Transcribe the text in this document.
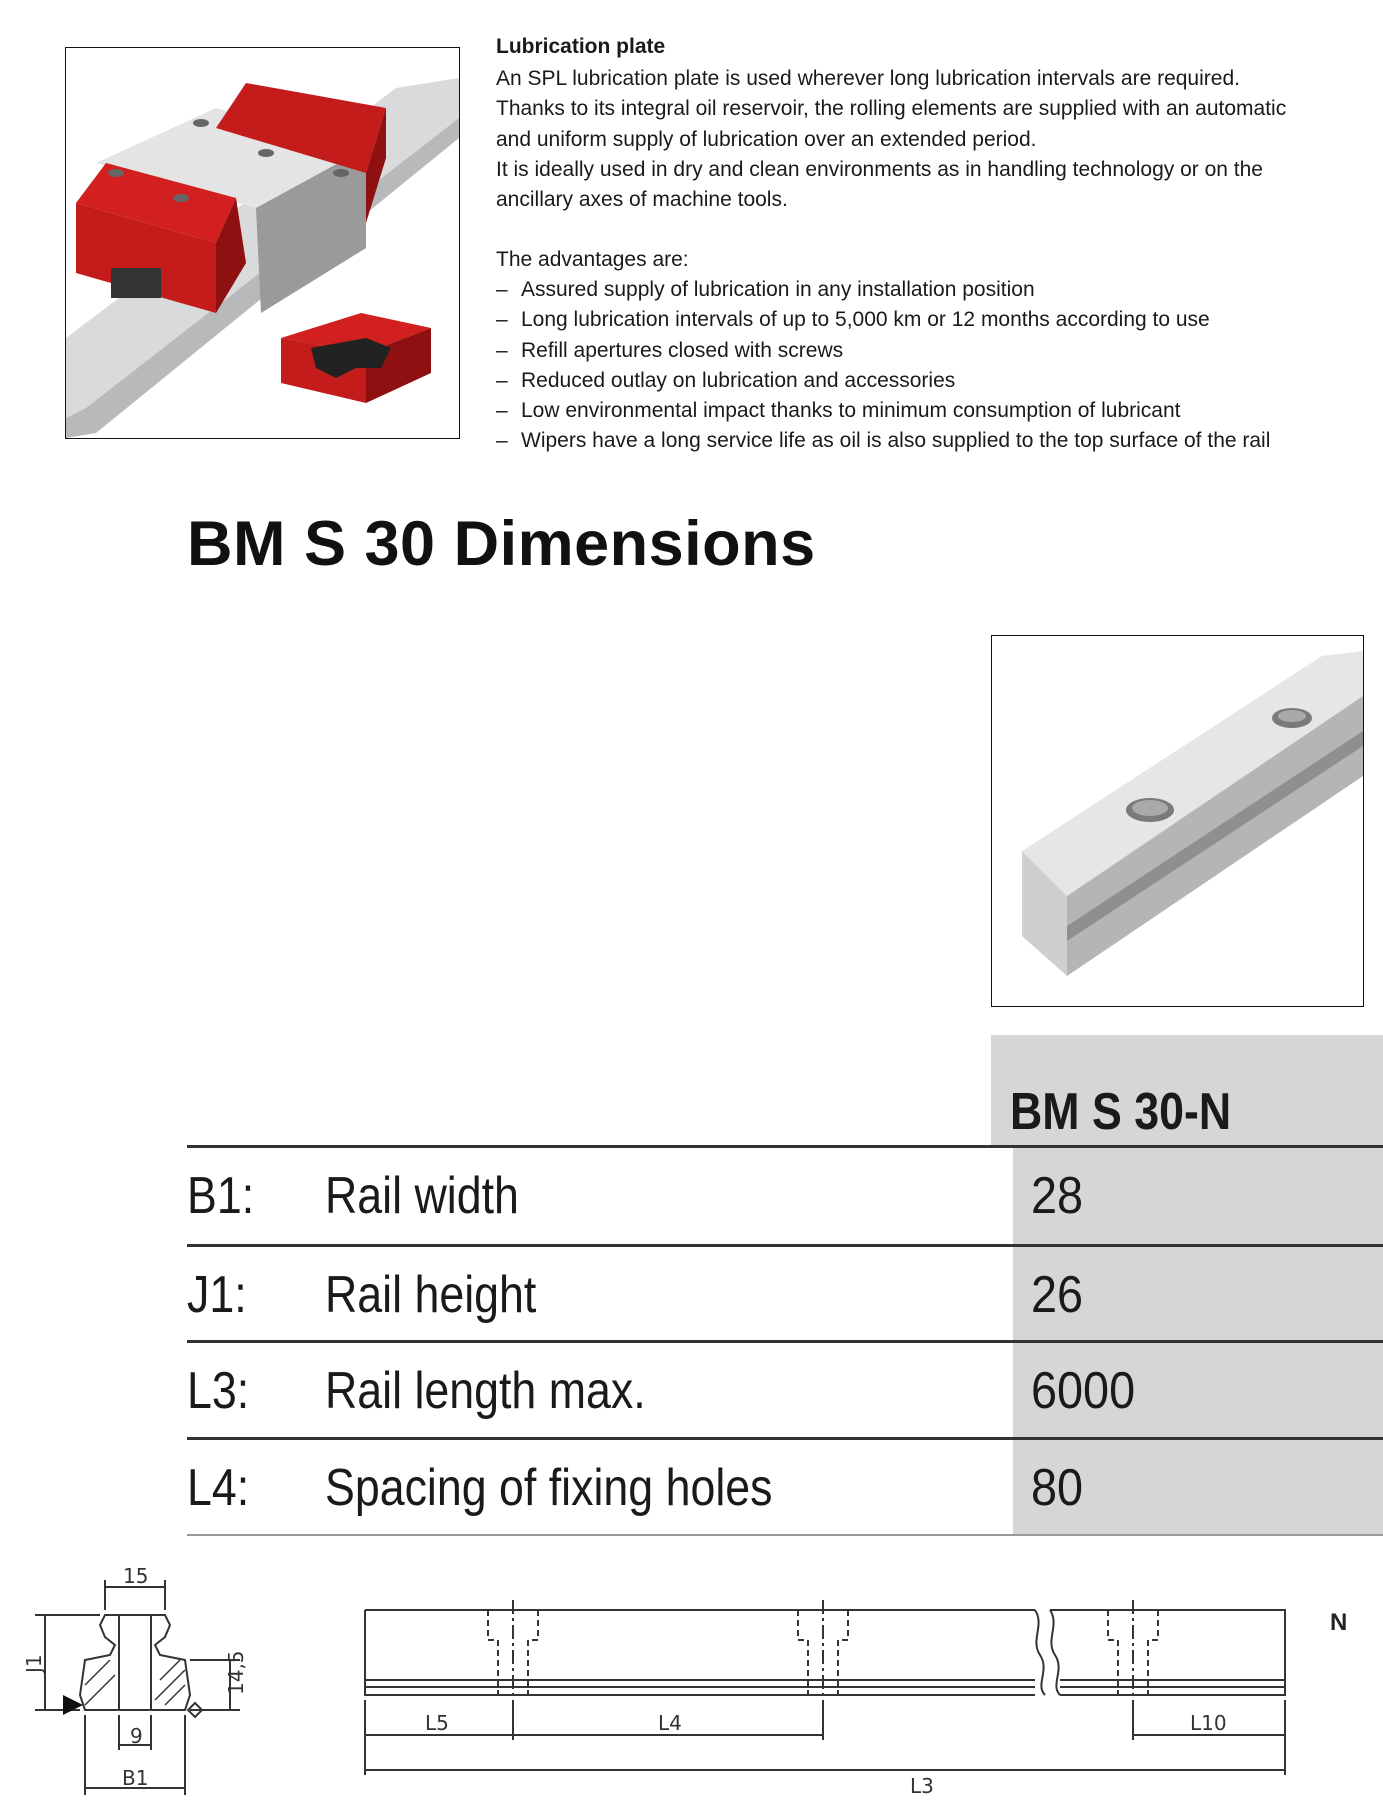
Lubrication plate
An SPL lubrication plate is used wherever long lubrication intervals are required.
Thanks to its integral oil reservoir, the rolling elements are supplied with an automatic
and uniform supply of lubrication over an extended period.
It is ideally used in dry and clean environments as in handling technology or on the
ancillary axes of machine tools.
The advantages are:
– Assured supply of lubrication in any installation position
– Long lubrication intervals of up to 5,000 km or 12 months according to use
– Refill apertures closed with screws
– Reduced outlay on lubrication and accessories
– Low environmental impact thanks to minimum consumption of lubricant
– Wipers have a long service life as oil is also supplied to the top surface of the rail
BM S 30 Dimensions
BM S 30-N
B1: Rail width	28
J1: Rail height	26
L3: Rail length max.	6000
L4: Spacing of fixing holes	80
15
14,5
J1
9
B1
L5	L4	L10
L3
N
